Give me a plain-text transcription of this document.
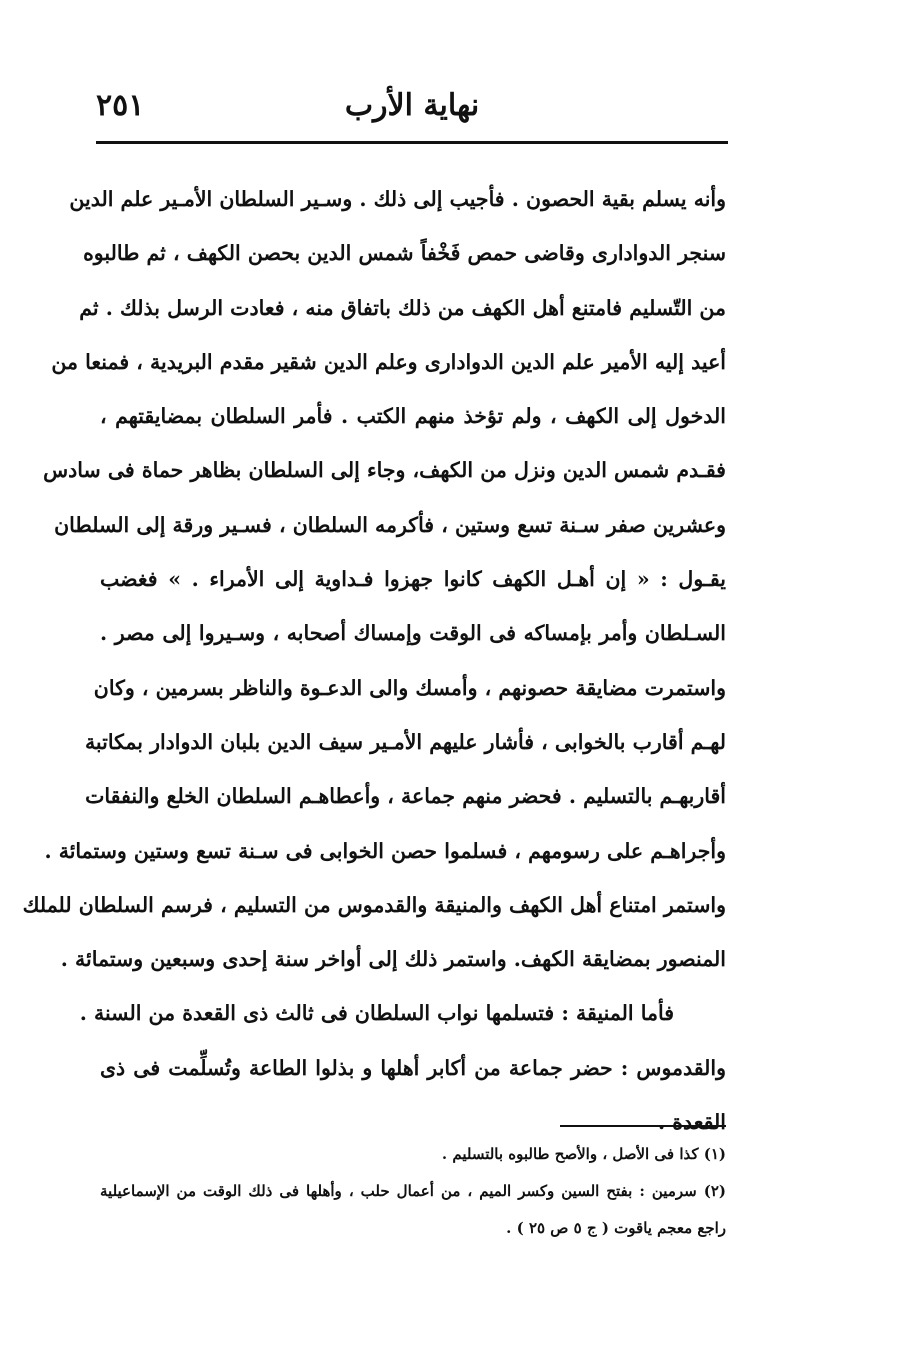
نهاية الأرب
٢٥١
وأنه يسلم بقية الحصون . فأجيب إلى ذلك . وسـير السلطان الأمـير علم الدين
سنجر الدوادارى وقاضى حمص فَخْفاً شمس الدين بحصن الكهف ، ثم طالبوه
من التّسليم فامتنع أهل الكهف من ذلك باتفاق منه ، فعادت الرسل بذلك . ثم
أعيد إليه الأمير علم الدين الدوادارى وعلم الدين شقير مقدم البريدية ، فمنعا من
الدخول إلى الكهف ، ولم تؤخذ منهم الكتب . فأمر السلطان بمضايقتهم ،
فقـدم شمس الدين ونزل من الكهف، وجاء إلى السلطان بظاهر حماة فى سادس
وعشرين صفر سـنة تسع وستين ، فأكرمه السلطان ، فسـير ورقة إلى السلطان
يقـول : « إن أهـل الكهف كانوا جهزوا فـداوية إلى الأمراء . » فغضب
السـلطان وأمر بإمساكه فى الوقت وإمساك أصحابه ، وسـيروا إلى مصر .
واستمرت مضايقة حصونهم ، وأمسك والى الدعـوة والناظر بسرمين ، وكان
لهـم أقارب بالخوابى ، فأشار عليهم الأمـير سيف الدين بلبان الدوادار بمكاتبة
أقاربهـم بالتسليم . فحضر منهم جماعة ، وأعطاهـم السلطان الخلع والنفقات
وأجراهـم على رسومهم ، فسلموا حصن الخوابى فى سـنة تسع وستين وستمائة .
واستمر امتناع أهل الكهف والمنيقة والقدموس من التسليم ، فرسم السلطان للملك
المنصور بمضايقة الكهف. واستمر ذلك إلى أواخر سنة إحدى وسبعين وستمائة .
فأما المنيقة : فتسلمها نواب السلطان فى ثالث ذى القعدة من السنة .
والقدموس : حضر جماعة من أكابر أهلها و بذلوا الطاعة وتُسلِّمت فى ذى
القعدة .
(١) كذا فى الأصل ، والأصح طالبوه بالتسليم .
(٢) سرمين : بفتح السين وكسر الميم ، من أعمال حلب ، وأهلها فى ذلك الوقت من الإسماعيلية
راجع معجم ياقوت ( ج ٥ ص ٢٥ ) .
